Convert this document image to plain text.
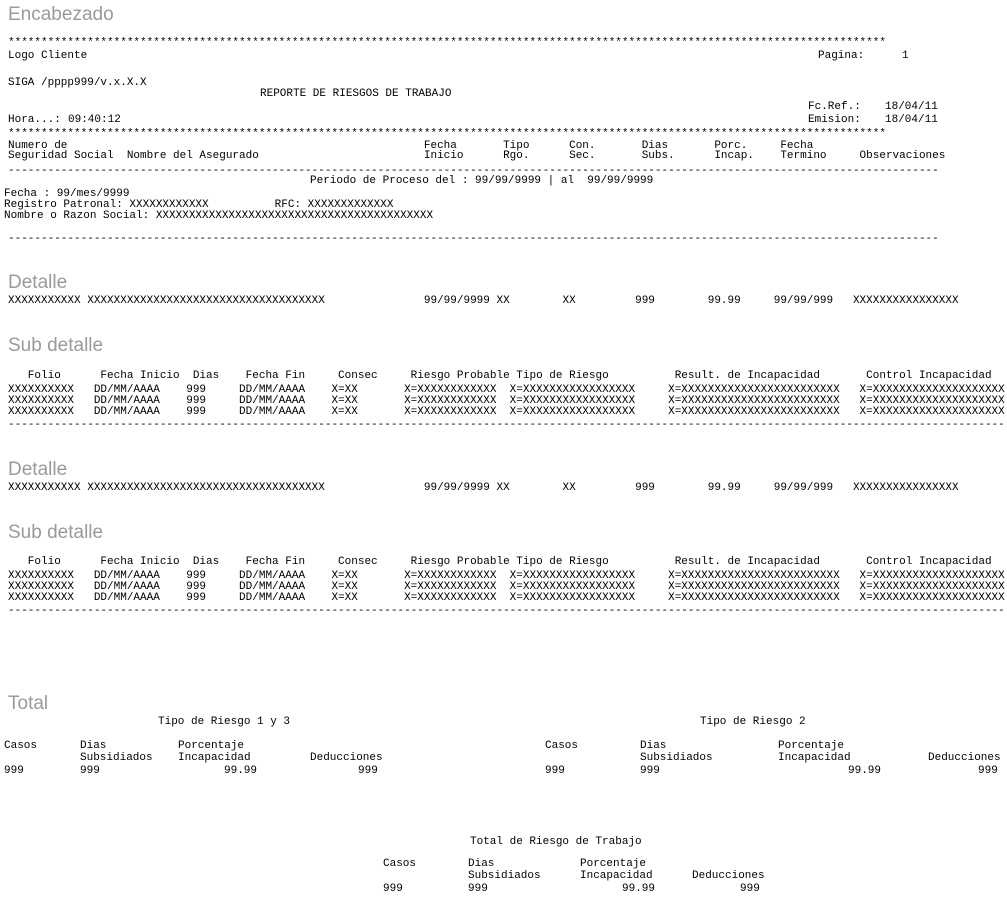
Encabezado
*************************************************************************************************************************************
Logo Cliente	Pagina:	1
SIGA /pppp999/v.x.X.X
REPORTE DE RIESGOS DE TRABAJO
Fc.Ref.: 18/04/11
Hora...: 09:40:12	Emision: 18/04/11
*************************************************************************************************************************************
Numero de                                                      Fecha       Tipo      Con.       Dias       Porc.     Fecha
Seguridad Social  Nombre del Asegurado                         Inicio      Rgo.      Sec.       Subs.      Incap.    Termino     Observaciones
---------------------------------------------------------------------------------------------------------------------------------------------
Periodo de Proceso del : 99/99/9999 | al  99/99/9999
Fecha : 99/mes/9999
Registro Patronal: XXXXXXXXXXXX          RFC: XXXXXXXXXXXXX
Nombre o Razon Social: XXXXXXXXXXXXXXXXXXXXXXXXXXXXXXXXXXXXXXXXXX
---------------------------------------------------------------------------------------------------------------------------------------------
Detalle
XXXXXXXXXXX XXXXXXXXXXXXXXXXXXXXXXXXXXXXXXXXXXXX               99/99/9999 XX        XX         999        99.99     99/99/999   XXXXXXXXXXXXXXXX
Sub detalle
Folio      Fecha Inicio  Dias    Fecha Fin     Consec     Riesgo Probable Tipo de Riesgo          Result. de Incapacidad       Control Incapacidad
XXXXXXXXXX   DD/MM/AAAA    999     DD/MM/AAAA    X=XX       X=XXXXXXXXXXXX  X=XXXXXXXXXXXXXXXXX     X=XXXXXXXXXXXXXXXXXXXXXXXX   X=XXXXXXXXXXXXXXXXXXXX
XXXXXXXXXX   DD/MM/AAAA    999     DD/MM/AAAA    X=XX       X=XXXXXXXXXXXX  X=XXXXXXXXXXXXXXXXX     X=XXXXXXXXXXXXXXXXXXXXXXXX   X=XXXXXXXXXXXXXXXXXXXX
XXXXXXXXXX   DD/MM/AAAA    999     DD/MM/AAAA    X=XX       X=XXXXXXXXXXXX  X=XXXXXXXXXXXXXXXXX     X=XXXXXXXXXXXXXXXXXXXXXXXX   X=XXXXXXXXXXXXXXXXXXXX
-------------------------------------------------------------------------------------------------------------------------------------------------------
Detalle
XXXXXXXXXXX XXXXXXXXXXXXXXXXXXXXXXXXXXXXXXXXXXXX               99/99/9999 XX        XX         999        99.99     99/99/999   XXXXXXXXXXXXXXXX
Sub detalle
Folio      Fecha Inicio  Dias    Fecha Fin     Consec     Riesgo Probable Tipo de Riesgo          Result. de Incapacidad       Control Incapacidad
XXXXXXXXXX   DD/MM/AAAA    999     DD/MM/AAAA    X=XX       X=XXXXXXXXXXXX  X=XXXXXXXXXXXXXXXXX     X=XXXXXXXXXXXXXXXXXXXXXXXX   X=XXXXXXXXXXXXXXXXXXXX
XXXXXXXXXX   DD/MM/AAAA    999     DD/MM/AAAA    X=XX       X=XXXXXXXXXXXX  X=XXXXXXXXXXXXXXXXX     X=XXXXXXXXXXXXXXXXXXXXXXXX   X=XXXXXXXXXXXXXXXXXXXX
XXXXXXXXXX   DD/MM/AAAA    999     DD/MM/AAAA    X=XX       X=XXXXXXXXXXXX  X=XXXXXXXXXXXXXXXXX     X=XXXXXXXXXXXXXXXXXXXXXXXX   X=XXXXXXXXXXXXXXXXXXXX
-------------------------------------------------------------------------------------------------------------------------------------------------------
Total
Tipo de Riesgo 1 y 3	Tipo de Riesgo 2
Casos	Dias
Subsidiados
Porcentaje
Incapacidad	Deducciones
999	999	99.99	999
Casos	Dias
Subsidiados
Porcentaje
Incapacidad	Deducciones
999	999	99.99	999
Total de Riesgo de Trabajo
Casos	Dias
Subsidiados
Porcentaje
Incapacidad	Deducciones
999	999	99.99	999
